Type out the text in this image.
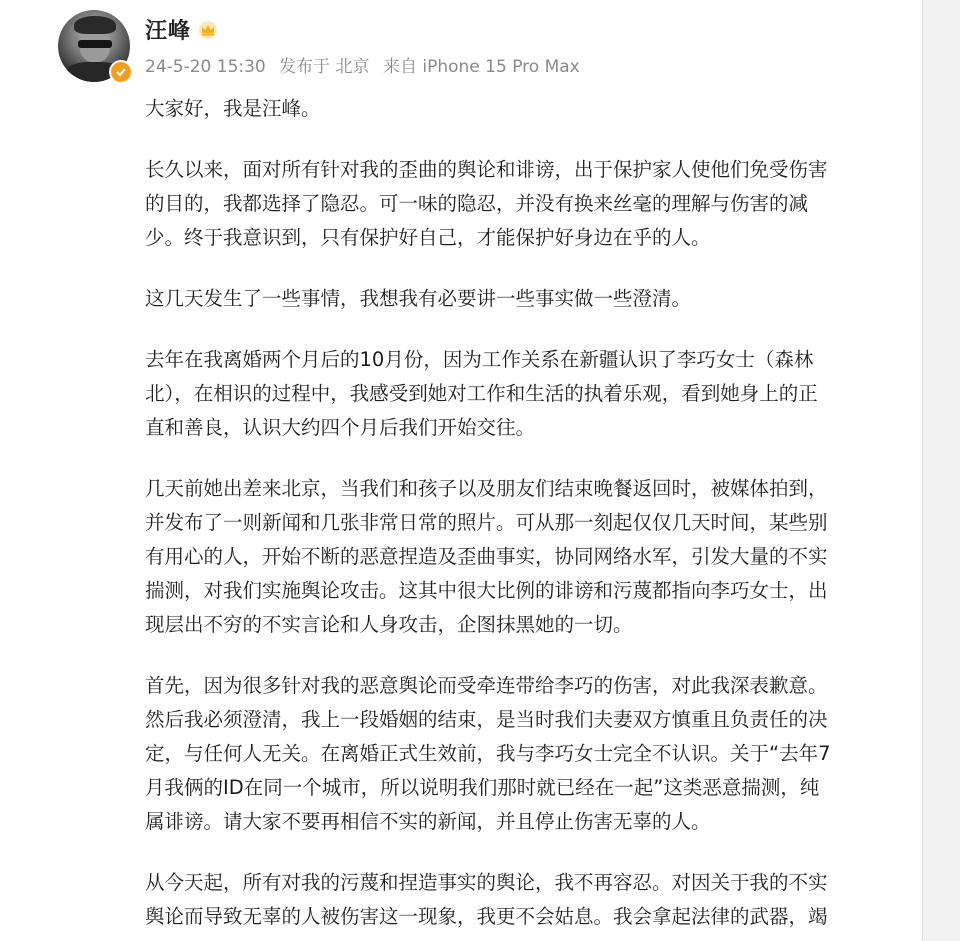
汪峰
24-5-20 15:30 发布于 北京 来自 iPhone 15 Pro Max
大家好，我是汪峰。
长久以来，面对所有针对我的歪曲的舆论和诽谤，出于保护家人使他们免受伤害
的目的，我都选择了隐忍。可一味的隐忍，并没有换来丝毫的理解与伤害的减
少。终于我意识到，只有保护好自己，才能保护好身边在乎的人。
这几天发生了一些事情，我想我有必要讲一些事实做一些澄清。
去年在我离婚两个月后的10月份，因为工作关系在新疆认识了李巧女士（森林
北），在相识的过程中，我感受到她对工作和生活的执着乐观，看到她身上的正
直和善良，认识大约四个月后我们开始交往。
几天前她出差来北京，当我们和孩子以及朋友们结束晚餐返回时，被媒体拍到，
并发布了一则新闻和几张非常日常的照片。可从那一刻起仅仅几天时间，某些别
有用心的人，开始不断的恶意捏造及歪曲事实，协同网络水军，引发大量的不实
揣测，对我们实施舆论攻击。这其中很大比例的诽谤和污蔑都指向李巧女士，出
现层出不穷的不实言论和人身攻击，企图抹黑她的一切。
首先，因为很多针对我的恶意舆论而受牵连带给李巧的伤害，对此我深表歉意。
然后我必须澄清，我上一段婚姻的结束，是当时我们夫妻双方慎重且负责任的决
定，与任何人无关。在离婚正式生效前，我与李巧女士完全不认识。关于“去年7
月我俩的ID在同一个城市，所以说明我们那时就已经在一起”这类恶意揣测，纯
属诽谤。请大家不要再相信不实的新闻，并且停止伤害无辜的人。
从今天起，所有对我的污蔑和捏造事实的舆论，我不再容忍。对因关于我的不实
舆论而导致无辜的人被伤害这一现象，我更不会姑息。我会拿起法律的武器，竭
